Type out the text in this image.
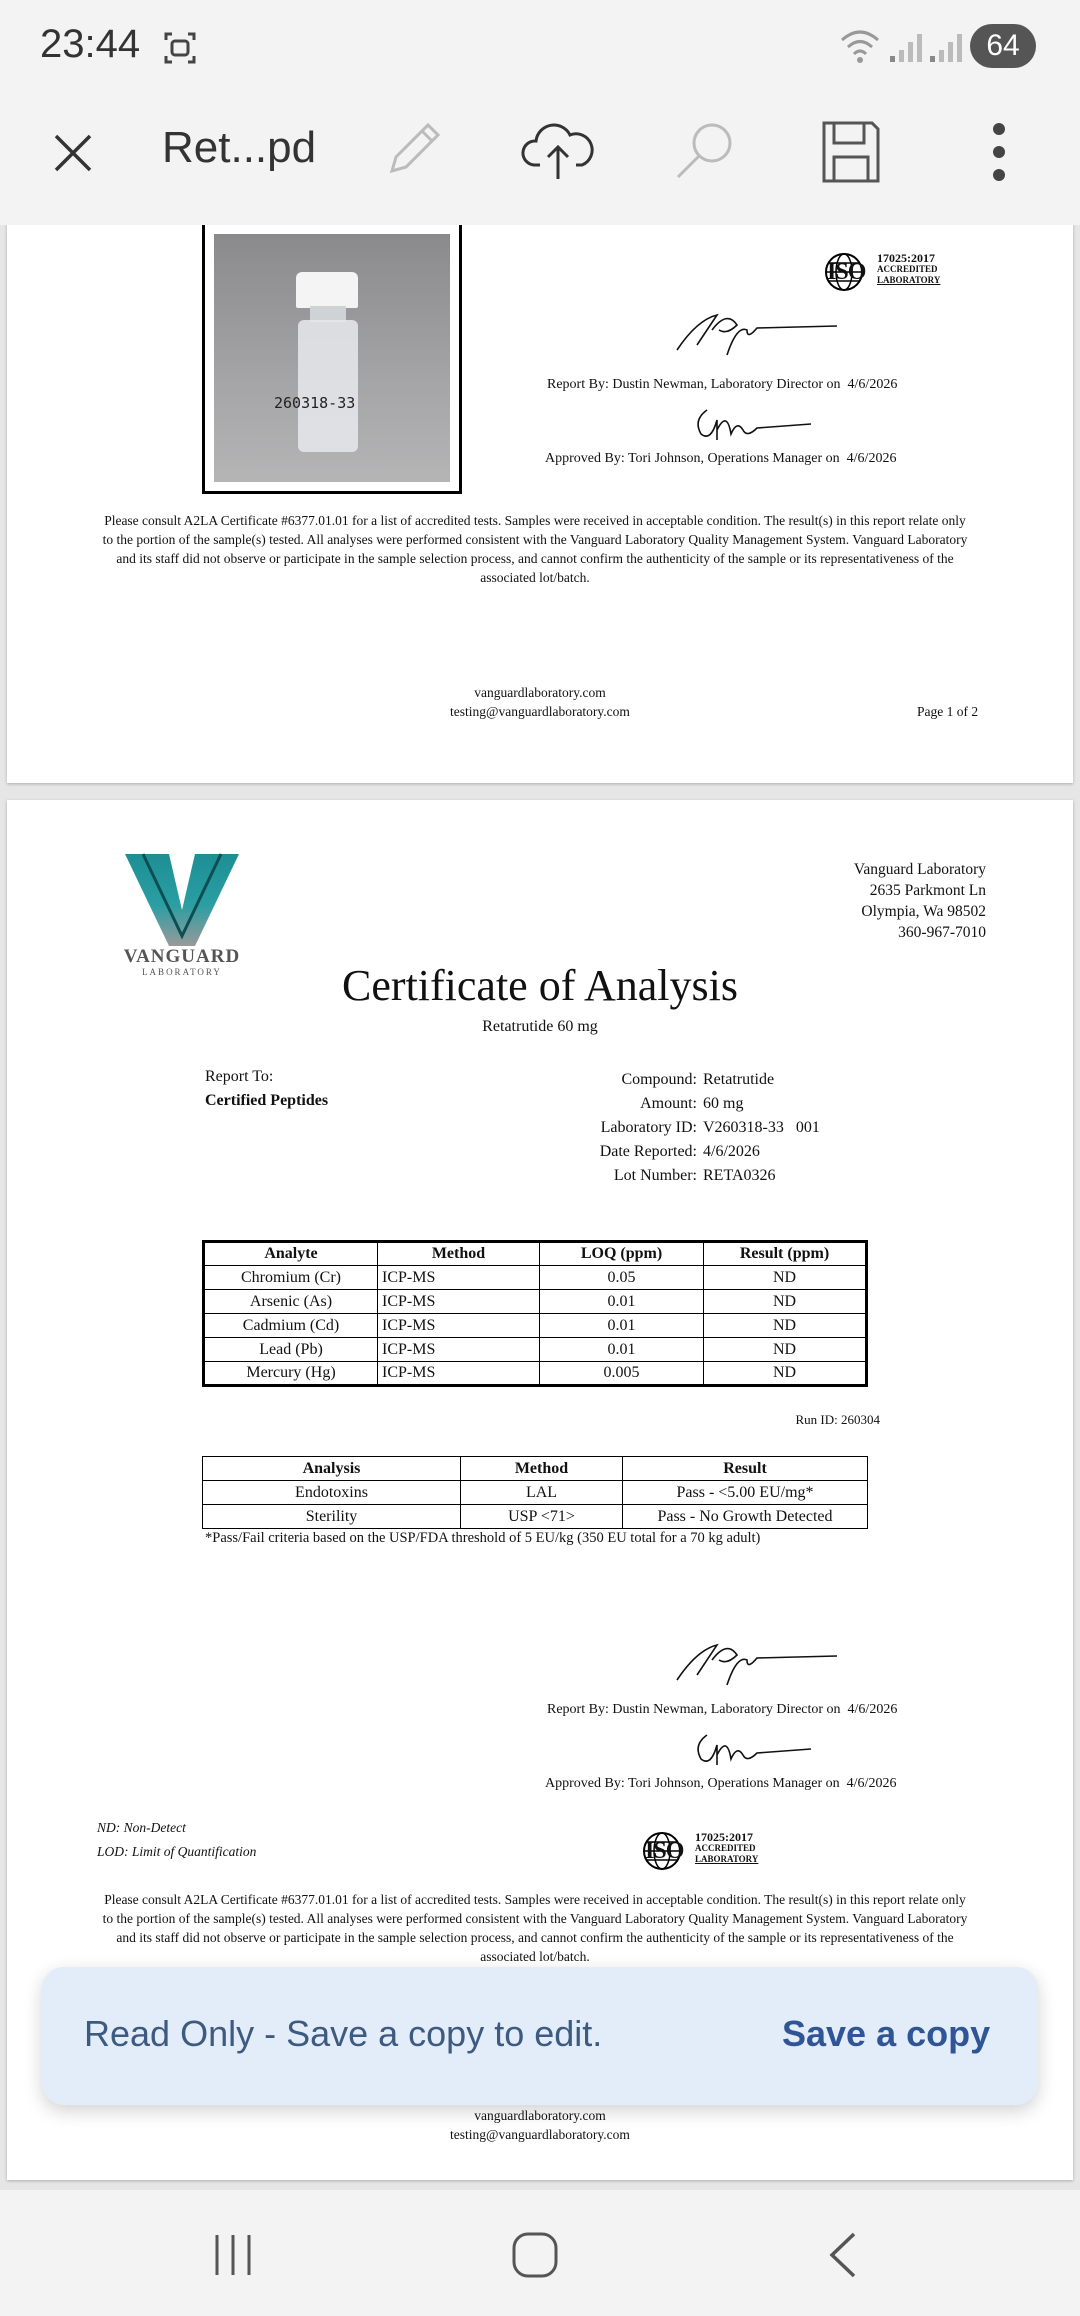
23:44	64
Ret...pd
260318-33
ISO
17025:2017
ACCREDITED
LABORATORY
Report By: Dustin Newman, Laboratory Director on 4/6/2026
Approved By: Tori Johnson, Operations Manager on 4/6/2026
Please consult A2LA Certificate #6377.01.01 for a list of accredited tests. Samples were received in acceptable condition. The result(s) in this report relate only to the portion of the sample(s) tested. All analyses were performed consistent with the Vanguard Laboratory Quality Management System. Vanguard Laboratory and its staff did not observe or participate in the sample selection process, and cannot confirm the authenticity of the sample or its representativeness of the associated lot/batch.
vanguardlaboratory.com
testing@vanguardlaboratory.com	Page 1 of 2
VANGUARD
LABORATORY
Vanguard Laboratory
2635 Parkmont Ln
Olympia, Wa 98502
360-967-7010
Certificate of Analysis
Retatrutide 60 mg
Report To:
Certified Peptides
Compound: Retatrutide
Amount: 60 mg
Laboratory ID: V260318-33   001
Date Reported: 4/6/2026
Lot Number: RETA0326
Analyte	Method	LOQ (ppm)	Result (ppm)
Chromium (Cr)	ICP-MS	0.05	ND
Arsenic (As)	ICP-MS	0.01	ND
Cadmium (Cd)	ICP-MS	0.01	ND
Lead (Pb)	ICP-MS	0.01	ND
Mercury (Hg)	ICP-MS	0.005	ND
Run ID: 260304
Analysis	Method	Result
Endotoxins	LAL	Pass - <5.00 EU/mg*
Sterility	USP <71>	Pass - No Growth Detected
*Pass/Fail criteria based on the USP/FDA threshold of 5 EU/kg (350 EU total for a 70 kg adult)
Report By: Dustin Newman, Laboratory Director on 4/6/2026
Approved By: Tori Johnson, Operations Manager on 4/6/2026
ND: Non-Detect
LOD: Limit of Quantification	ISO
17025:2017
ACCREDITED
LABORATORY
Please consult A2LA Certificate #6377.01.01 for a list of accredited tests. Samples were received in acceptable condition. The result(s) in this report relate only to the portion of the sample(s) tested. All analyses were performed consistent with the Vanguard Laboratory Quality Management System. Vanguard Laboratory and its staff did not observe or participate in the sample selection process, and cannot confirm the authenticity of the sample or its representativeness of the associated lot/batch.
vanguardlaboratory.com
testing@vanguardlaboratory.com
Read Only - Save a copy to edit.	Save a copy
